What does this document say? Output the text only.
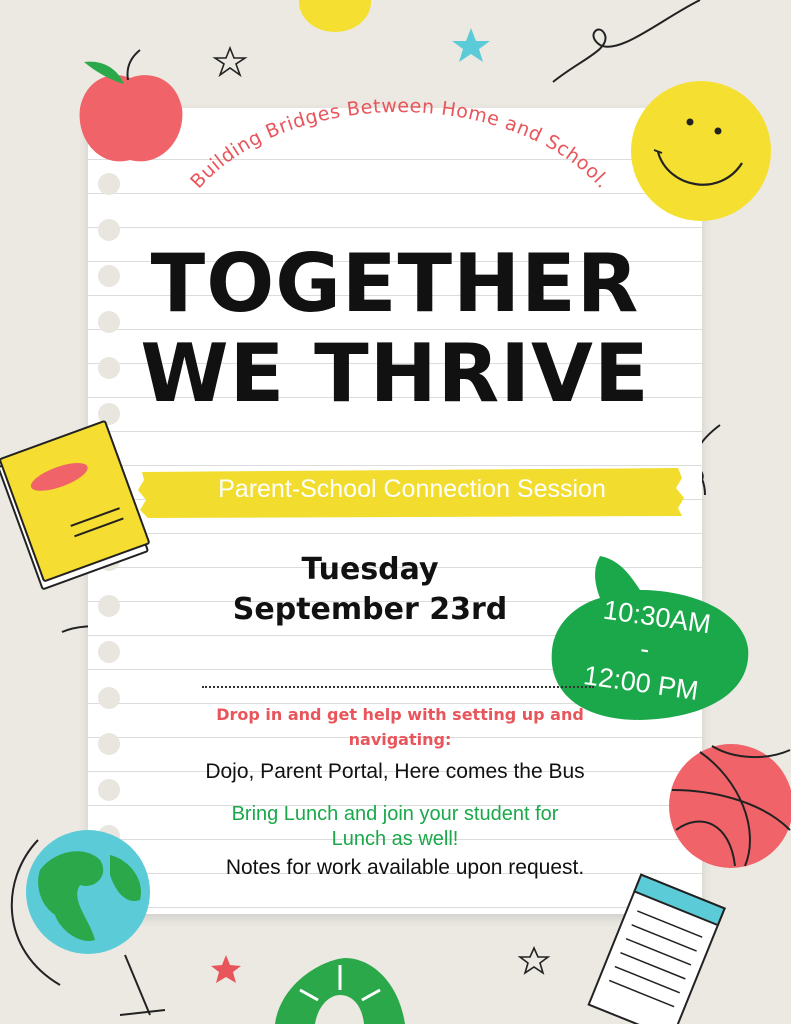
Building Bridges Between Home and School.
TOGETHER
WE THRIVE
Parent-School Connection Session
Tuesday
September 23rd	10:30AM
-
12:00 PM
Drop in and get help with setting up and
navigating:
Dojo, Parent Portal, Here comes the Bus
Bring Lunch and join your student for
Lunch as well!
Notes for work available upon request.
